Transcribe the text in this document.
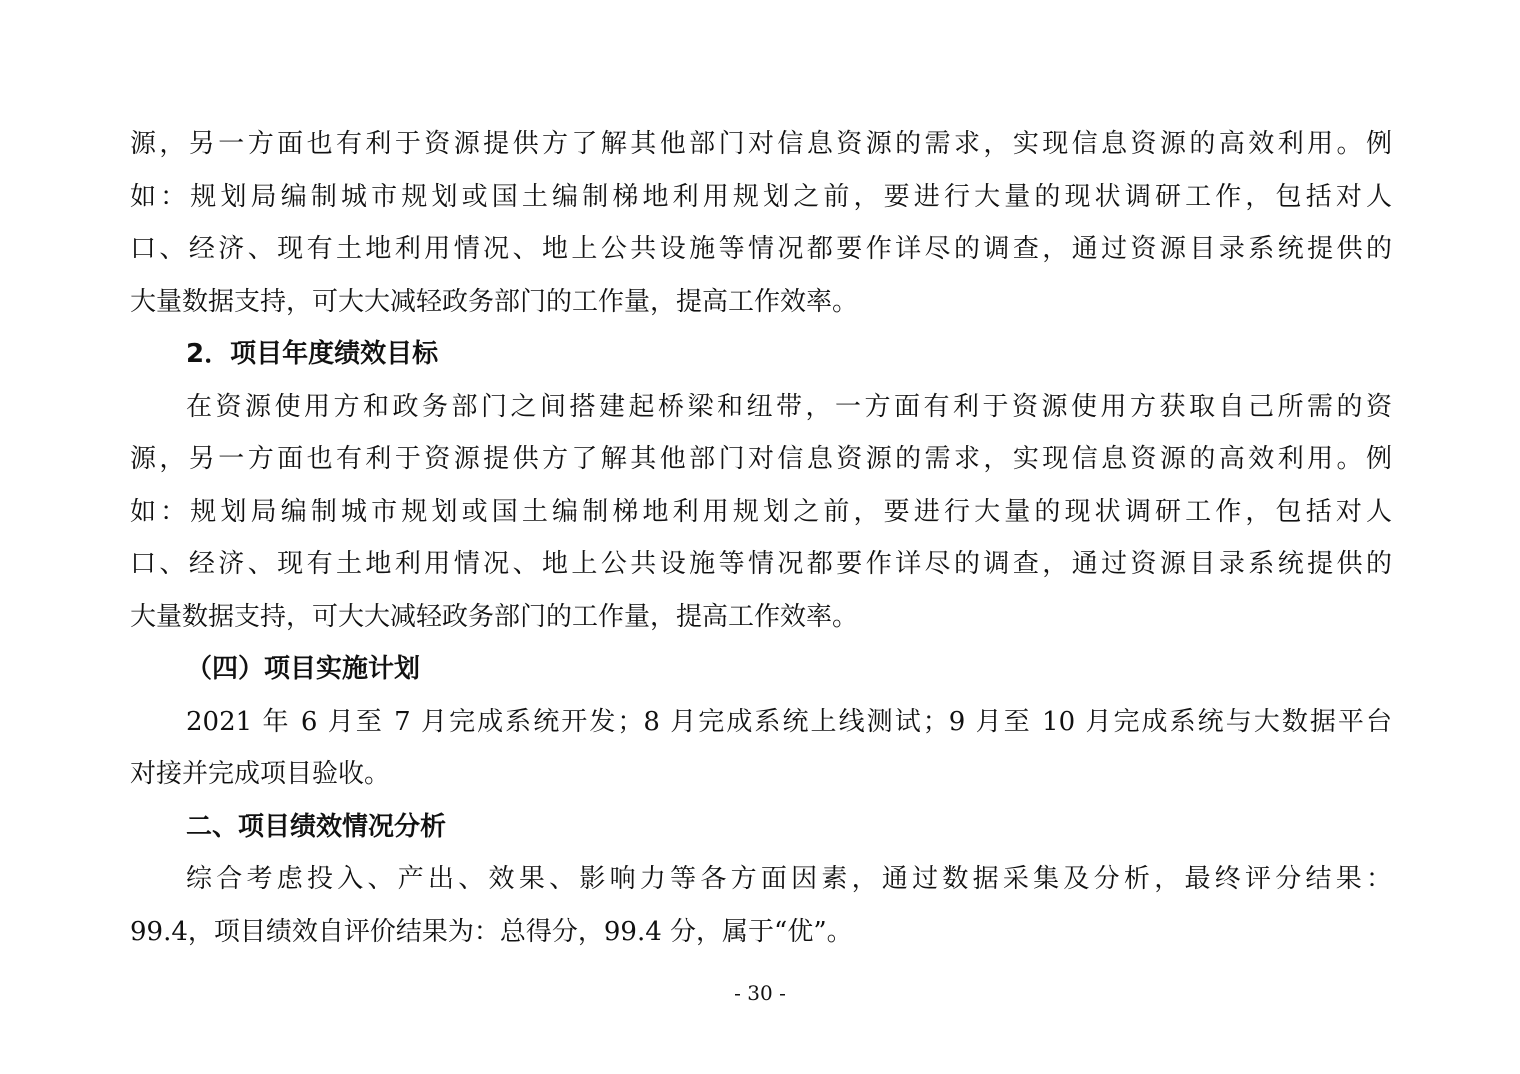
源，另一方面也有利于资源提供方了解其他部门对信息资源的需求，实现信息资源的高效利用。例
如：规划局编制城市规划或国土编制梯地利用规划之前，要进行大量的现状调研工作，包括对人
口、经济、现有土地利用情况、地上公共设施等情况都要作详尽的调查，通过资源目录系统提供的
大量数据支持，可大大减轻政务部门的工作量，提高工作效率。
2．项目年度绩效目标
在资源使用方和政务部门之间搭建起桥梁和纽带，一方面有利于资源使用方获取自己所需的资
源，另一方面也有利于资源提供方了解其他部门对信息资源的需求，实现信息资源的高效利用。例
如：规划局编制城市规划或国土编制梯地利用规划之前，要进行大量的现状调研工作，包括对人
口、经济、现有土地利用情况、地上公共设施等情况都要作详尽的调查，通过资源目录系统提供的
大量数据支持，可大大减轻政务部门的工作量，提高工作效率。
（四）项目实施计划
2021 年 6 月至 7 月完成系统开发；8 月完成系统上线测试；9 月至 10 月完成系统与大数据平台
对接并完成项目验收。
二、项目绩效情况分析
综合考虑投入、产出、效果、影响力等各方面因素，通过数据采集及分析，最终评分结果：
99.4，项目绩效自评价结果为：总得分，99.4 分，属于“优”。
- 30 -
